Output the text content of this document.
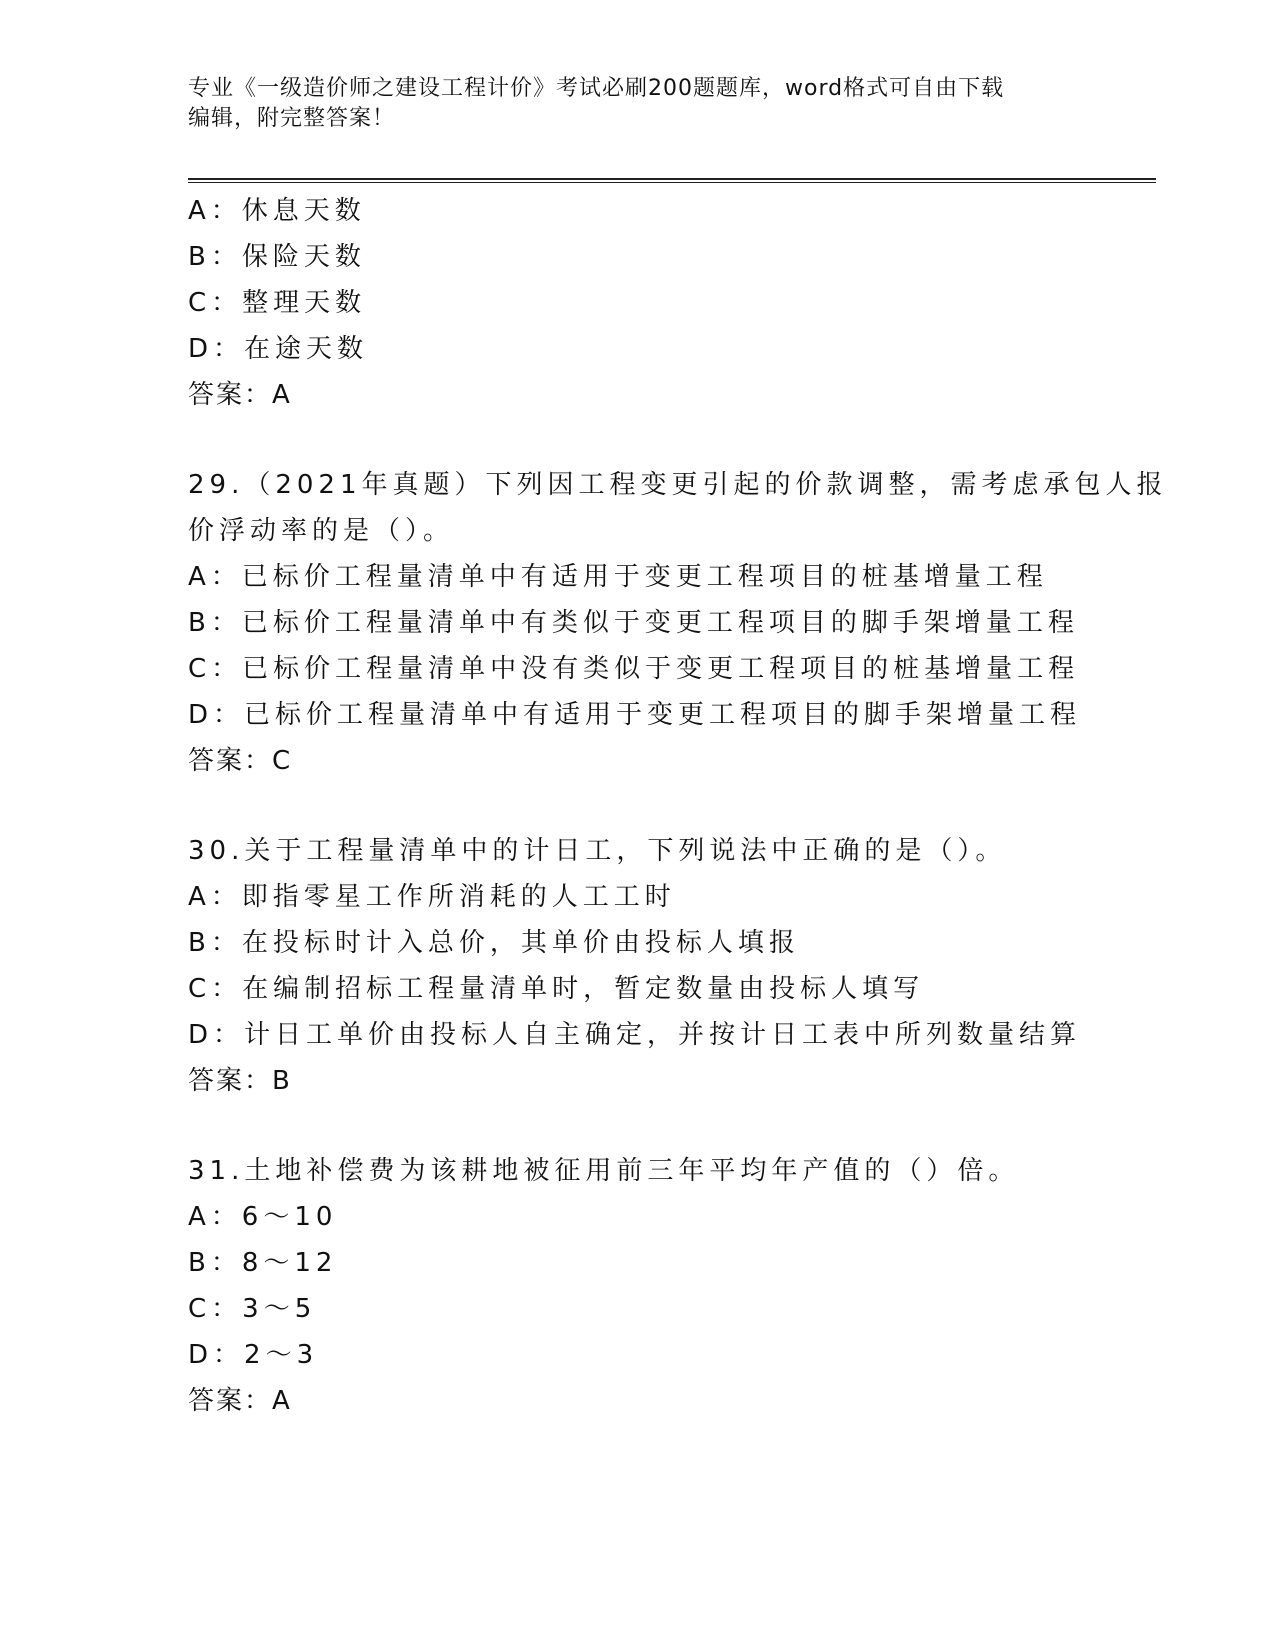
专业《一级造价师之建设工程计价》考试必刷200题题库，word格式可自由下载
编辑，附完整答案！
A：休息天数
B：保险天数
C：整理天数
D：在途天数
答案：A
29.（2021年真题）下列因工程变更引起的价款调整，需考虑承包人报
价浮动率的是（）。
A：已标价工程量清单中有适用于变更工程项目的桩基增量工程
B：已标价工程量清单中有类似于变更工程项目的脚手架增量工程
C：已标价工程量清单中没有类似于变更工程项目的桩基增量工程
D：已标价工程量清单中有适用于变更工程项目的脚手架增量工程
答案：C
30.关于工程量清单中的计日工，下列说法中正确的是（）。
A：即指零星工作所消耗的人工工时
B：在投标时计入总价，其单价由投标人填报
C：在编制招标工程量清单时，暂定数量由投标人填写
D：计日工单价由投标人自主确定，并按计日工表中所列数量结算
答案：B
31.土地补偿费为该耕地被征用前三年平均年产值的（）倍。
A：6～10
B：8～12
C：3～5
D：2～3
答案：A
